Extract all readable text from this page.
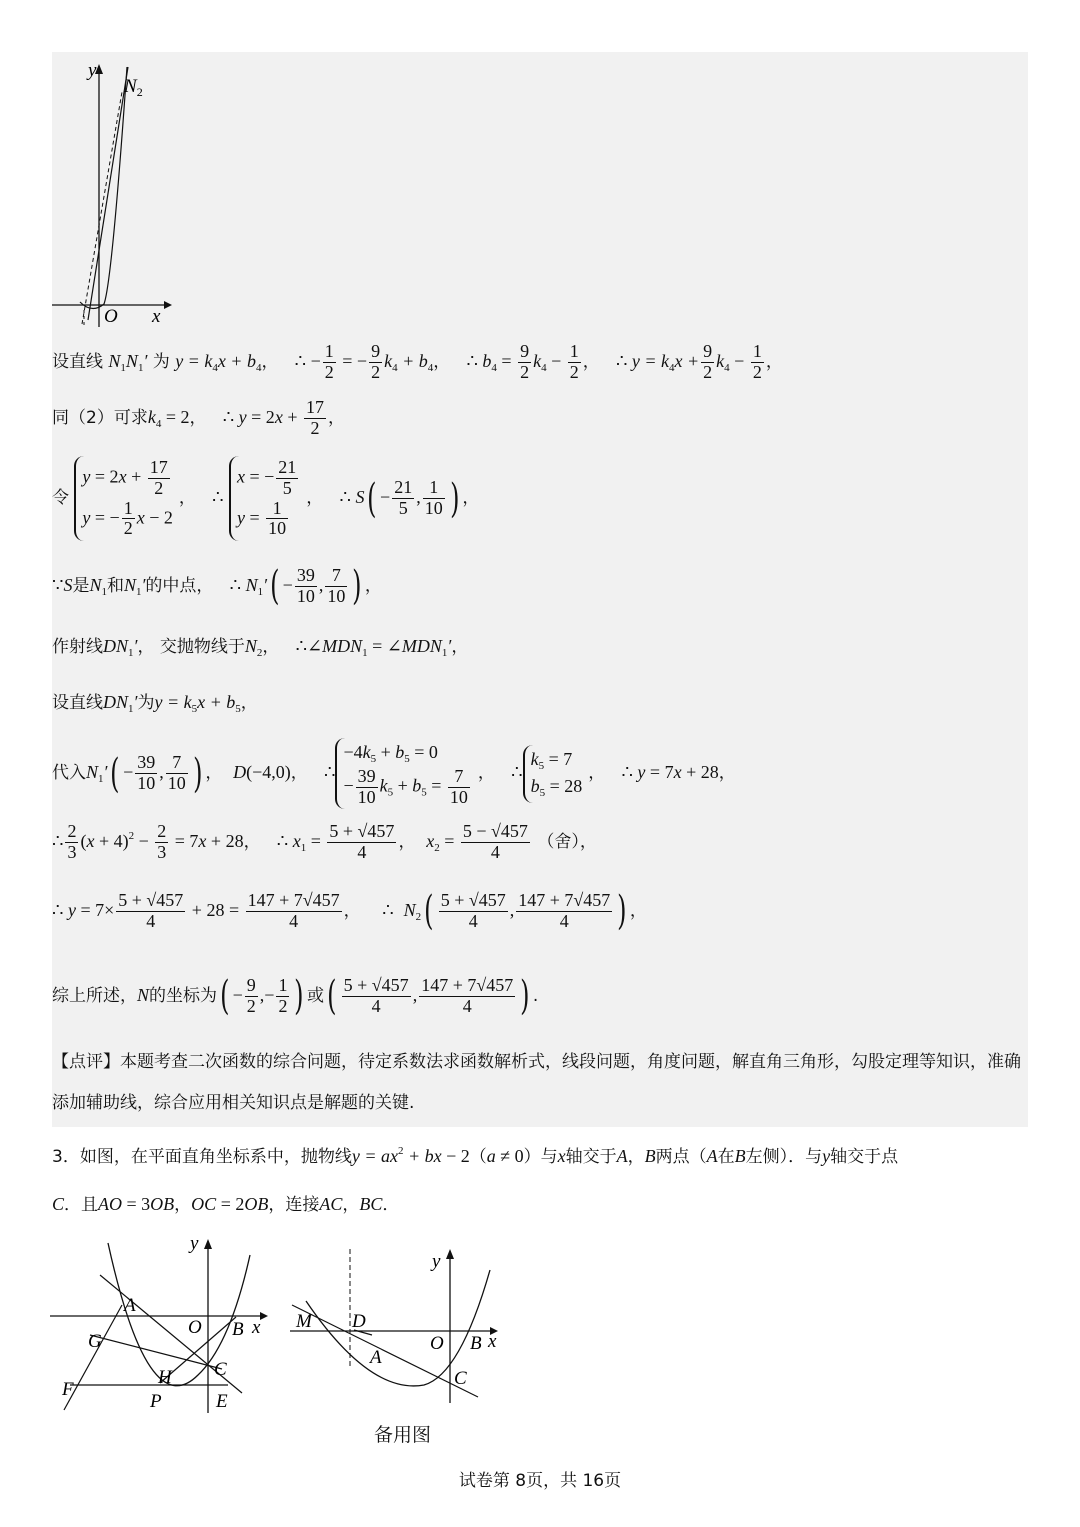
y
$N_2$
O x
设直线 $N_1N_1'$ 为 $y = k_4x + b_4$， ∴ − $\frac{1}{2}$ = − $\frac{9}{2} k_4 + b_4$， ∴ $b_4 = \frac{9}{2} k_4 - \frac{1}{2}$ ， ∴ $y = k_4x + \frac{9}{2} k_4 - \frac{1}{2}$ ，
同（2）可求$k_4 = 2$， ∴ $y = 2x + \frac{17}{2}$ ，
令
$y = 2x + \frac{17}{2}$
y = − $\frac{1}{2}$ x − 2
， ∴
x = − $\frac{21}{5}$
$y = \frac{1}{10}$
， ∴ $S( - \frac{21}{5}$ , $\frac{1}{10}$ ) ，
∵S是$N_1$和$N_1'$的中点， ∴ $N_1'( - \frac{39}{10}$ , $\frac{7}{10}$ ) ，
作射线$DN_1'$， 交抛物线于$N_2$， $\therefore\angle MDN_1$ = $\angle MDN_1'$，
设直线$DN_1'$为$y = k_5x + b_5$，
代入$N_1'( - \frac{39}{10}$ , $\frac{7}{10}$ ) ， D(−4,0)， ∴
$-4k_5 + b_5 = 0$
− $\frac{39}{10} k_5 + b_5 = \frac{7}{10}$ ， ∴
$k_5 = 7$
$b_5 = 28$
， ∴ y = 7x + 28，
∴ $\frac{2}{3} (x + 4)^2 - \frac{2}{3} = 7x + 28$， ∴ $x_1 = \frac{5 + √457}{4}$ ， $x_2 = \frac{5 - √457}{4}$ （舍），
∴ $y = 7\times \frac{5 + √457}{4} + 28 = \frac{147 + 7√457}{4}$ ， ∴  $N_2( \frac{5 + √457}{4}$ , $\frac{147 + 7√457}{4}$ ) ，
综上所述，N的坐标为( − $\frac{9}{2}$ ,− $\frac{1}{2}$ ) 或( $\frac{5 + √457}{4}$ , $\frac{147 + 7√457}{4}$ ) .
【点评】本题考查二次函数的综合问题，待定系数法求函数解析式，线段问题，角度问题，解直角三角形，勾股定理等知识，准确添加辅助线，综合应用相关知识点是解题的关键.
3．如图，在平面直角坐标系中，抛物线$y = ax^2$ + bx − 2（a ≠ 0）与x轴交于A，B两点（A在B左侧）．与y轴交于点
C．且AO = 3OB，OC = 2OB，连接AC，BC．
y
x
A
O B
G
C
H
F
P	E
y
x
M D
O B
A
C
备用图
试卷第 8页，共 16页
